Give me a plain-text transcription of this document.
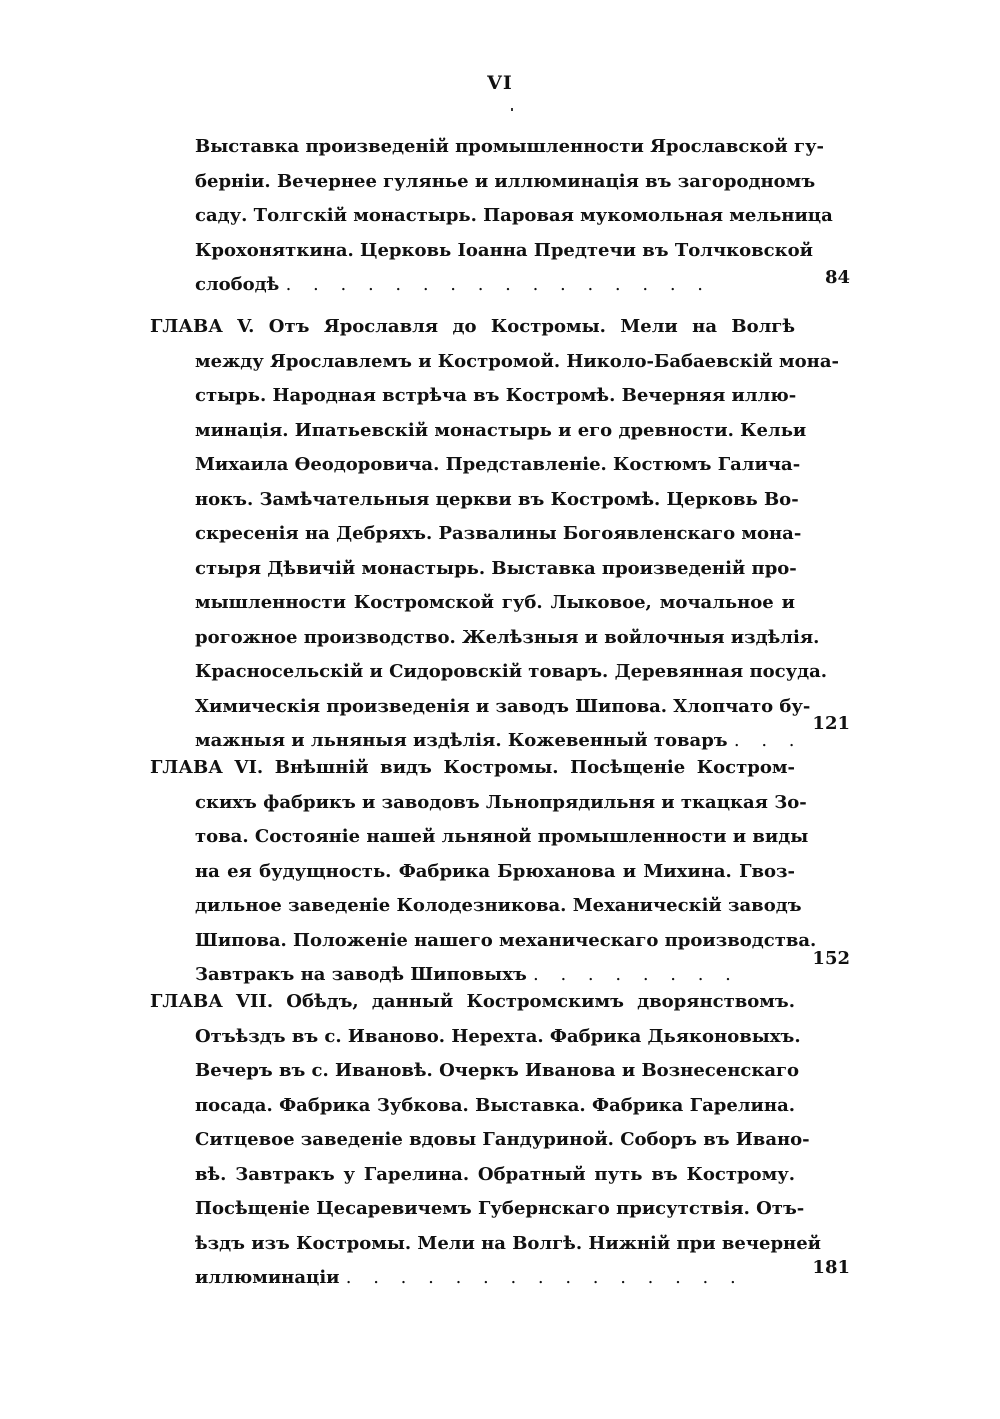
VI
Выставка произведеній промышленности Ярославской гу-
берніи. Вечернее гулянье и иллюминація въ загородномъ
саду. Толгскій монастырь. Паровая мукомольная мельница
Крохоняткина. Церковь Іоанна Предтечи въ Толчковской
слободѣ . . . . . . . . . . . . . . . .	84
ГЛАВА V. Отъ Ярославля до Костромы. Мели на Волгѣ
между Ярославлемъ и Костромой. Николо-Бабаевскій мона-
стырь. Народная встрѣча въ Костромѣ. Вечерняя иллю-
минація. Ипатьевскій монастырь и его древности. Кельи
Михаила Ѳеодоровича. Представленіе. Костюмъ Галича-
нокъ. Замѣчательныя церкви въ Костромѣ. Церковь Во-
скресенія на Дебряхъ. Развалины Богоявленскаго мона-
стыря Дѣвичій монастырь. Выставка произведеній про-
мышленности Костромской губ. Лыковое, мочальное и
рогожное производство. Желѣзныя и войлочныя издѣлія.
Красносельскій и Сидоровскій товаръ. Деревянная посуда.
Химическія произведенія и заводъ Шипова. Хлопчато бу-
мажныя и льняныя издѣлія. Кожевенный товаръ . . .
121
ГЛАВА VI. Внѣшній видъ Костромы. Посѣщеніе Костром-
скихъ фабрикъ и заводовъ Льнопрядильня и ткацкая Зо-
това. Состояніе нашей льняной промышленности и виды
на ея будущность. Фабрика Брюханова и Михина. Гвоз-
дильное заведеніе Колодезникова. Механическій заводъ
Шипова. Положеніе нашего механическаго производства.
Завтракъ на заводѣ Шиповыхъ . . . . . . . .
152
ГЛАВА VII. Обѣдъ, данный Костромскимъ дворянствомъ.
Отъѣздъ въ с. Иваново. Нерехта. Фабрика Дьяконовыхъ.
Вечеръ въ с. Ивановѣ. Очеркъ Иванова и Вознесенскаго
посада. Фабрика Зубкова. Выставка. Фабрика Гарелина.
Ситцевое заведеніе вдовы Гандуриной. Соборъ въ Ивано-
вѣ. Завтракъ у Гарелина. Обратный путь въ Кострому.
Посѣщеніе Цесаревичемъ Губернскаго присутствія. Отъ-
ѣздъ изъ Костромы. Мели на Волгѣ. Нижній при вечерней
иллюминаціи . . . . . . . . . . . . . . .	181
